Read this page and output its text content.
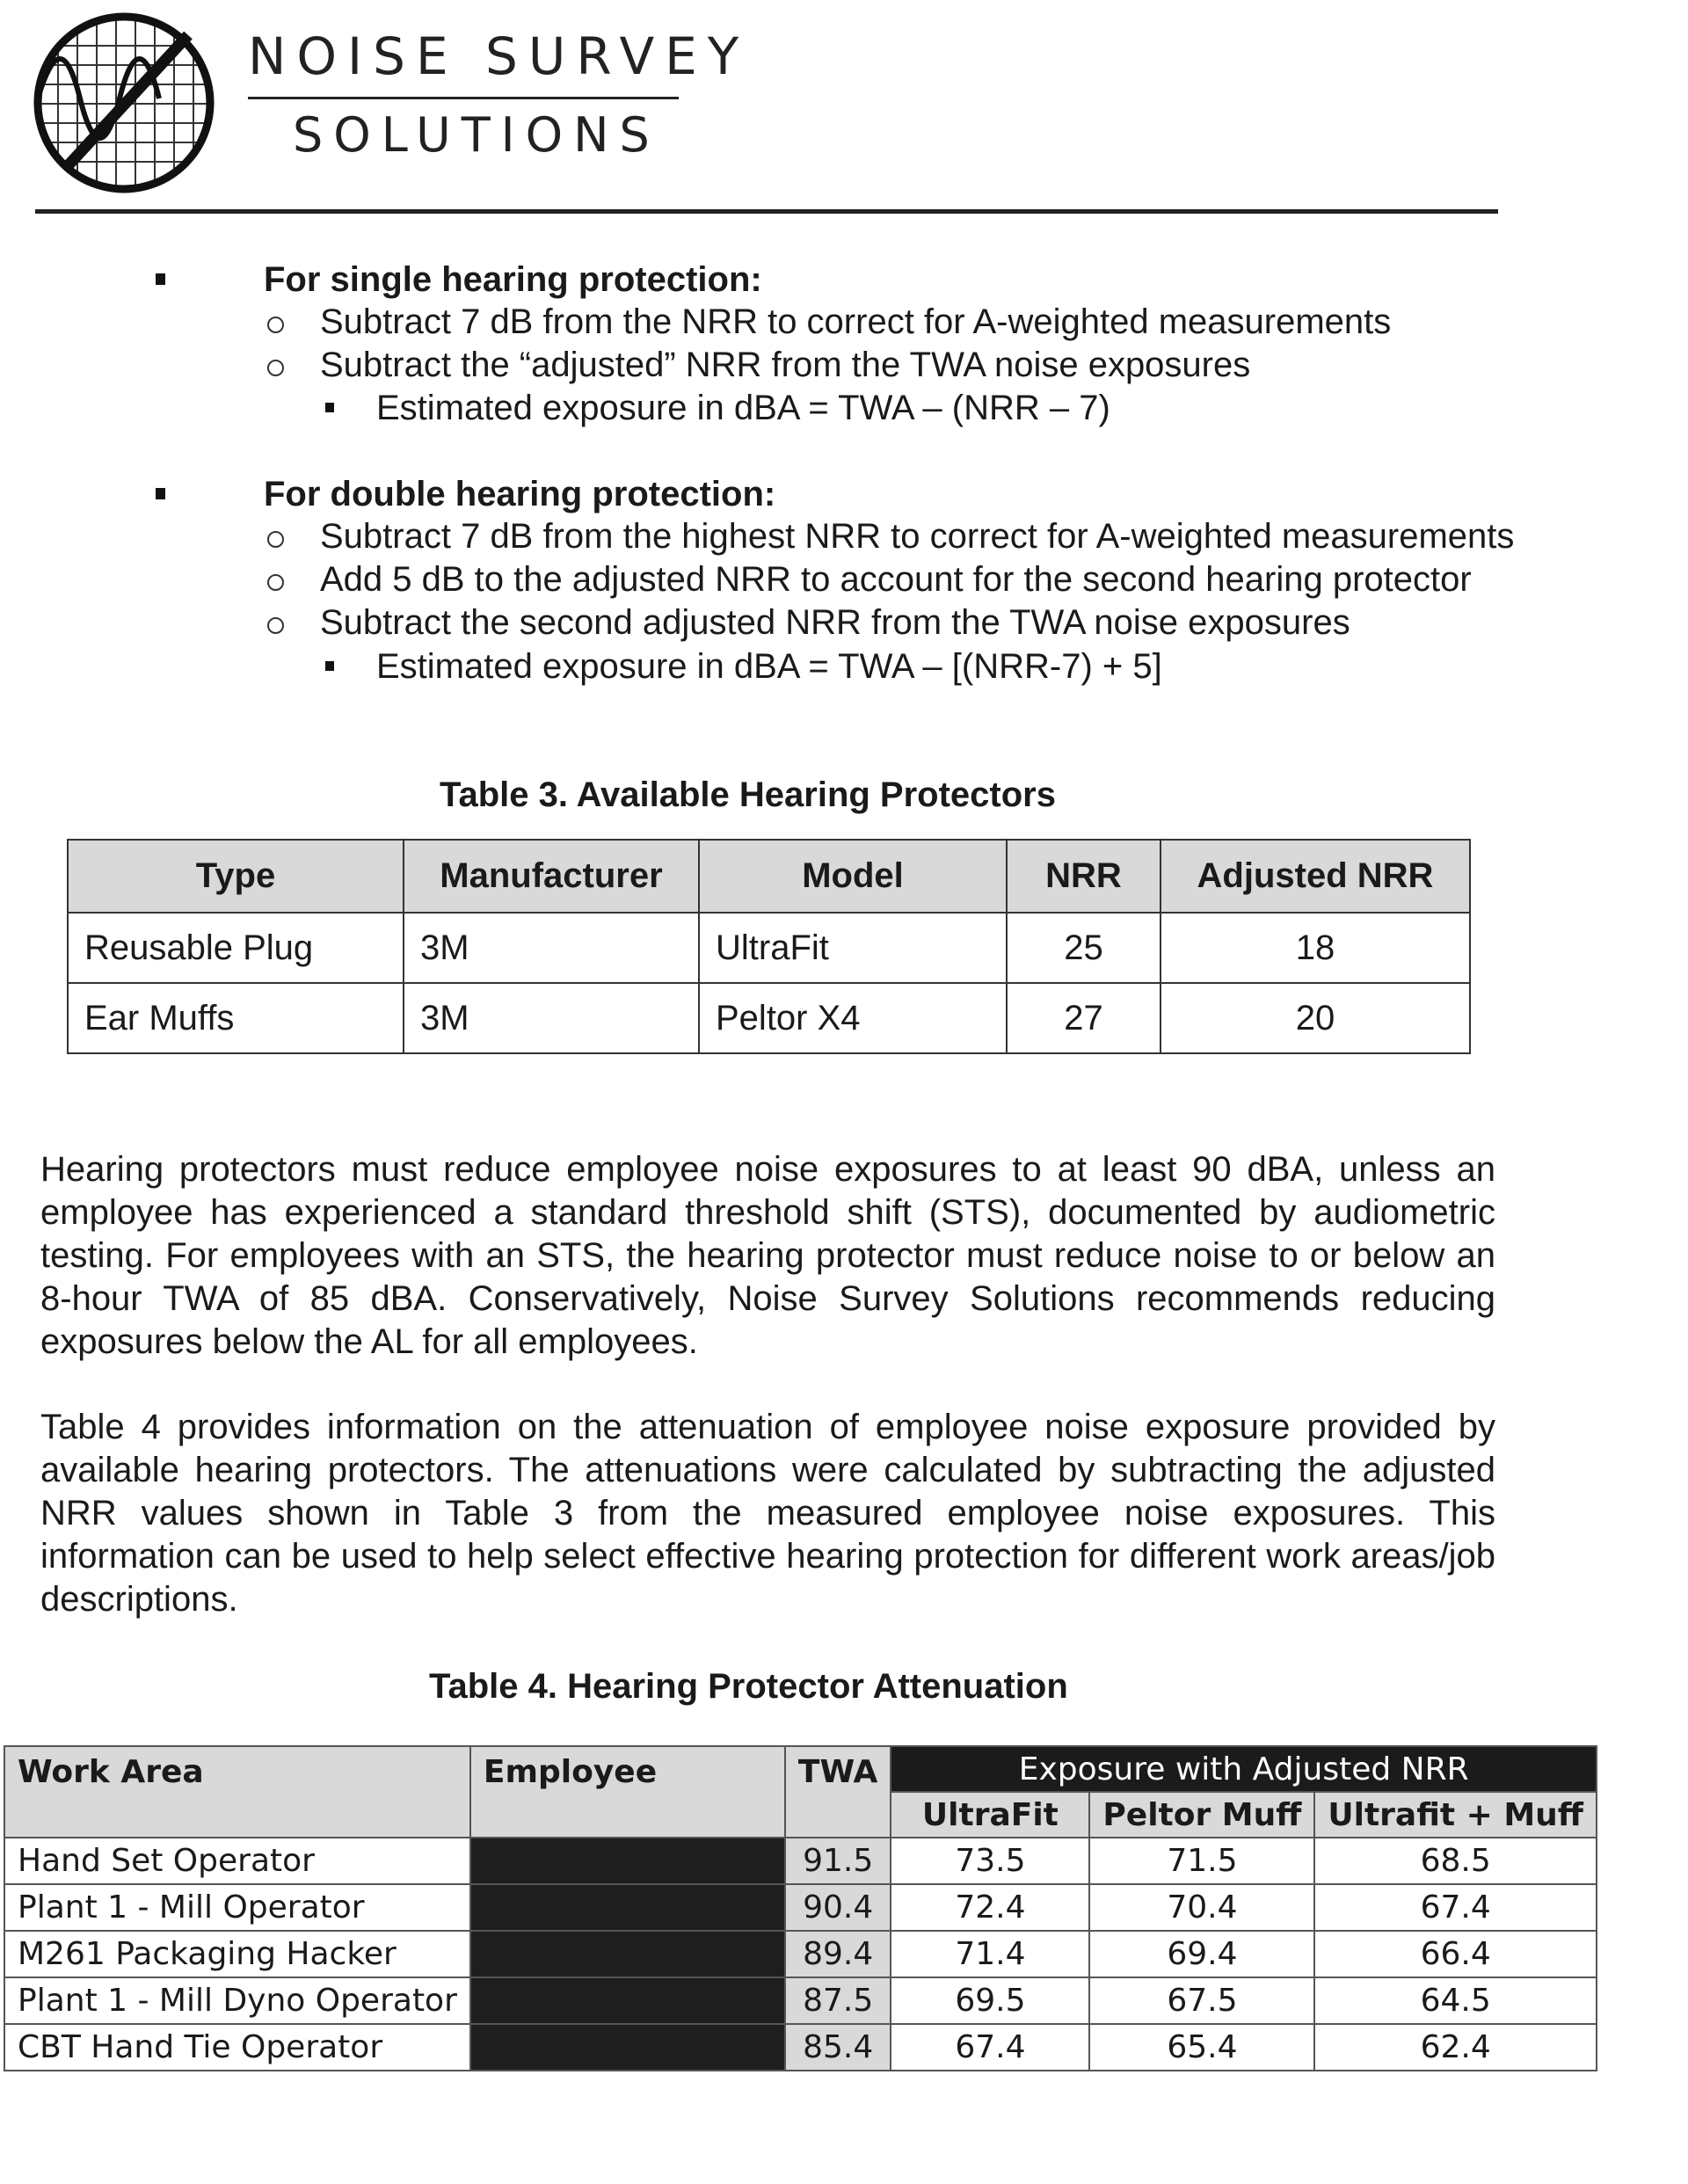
NOISE SURVEY
SOLUTIONS
For single hearing protection:
Subtract 7 dB from the NRR to correct for A-weighted measurements
Subtract the “adjusted” NRR from the TWA noise exposures
Estimated exposure in dBA = TWA – (NRR – 7)
For double hearing protection:
Subtract 7 dB from the highest NRR to correct for A-weighted measurements
Add 5 dB to the adjusted NRR to account for the second hearing protector
Subtract the second adjusted NRR from the TWA noise exposures
Estimated exposure in dBA = TWA – [(NRR-7) + 5]
Table 3. Available Hearing Protectors
Type	Manufacturer	Model	NRR	Adjusted NRR
Reusable Plug	3M	UltraFit	25	18
Ear Muffs	3M	Peltor X4	27	20
Hearing protectors must reduce employee noise exposures to at least 90 dBA, unless an employee has experienced a standard threshold shift (STS), documented by audiometric testing. For employees with an STS, the hearing protector must reduce noise to or below an 8-hour TWA of 85 dBA. Conservatively, Noise Survey Solutions recommends reducing exposures below the AL for all employees.
Table 4 provides information on the attenuation of employee noise exposure provided by available hearing protectors. The attenuations were calculated by subtracting the adjusted NRR values shown in Table 3 from the measured employee noise exposures. This information can be used to help select effective hearing protection for different work areas/job descriptions.
Table 4. Hearing Protector Attenuation
Work Area	Employee	TWA	Exposure with Adjusted NRR		
			UltraFit	Peltor Muff	Ultrafit + Muff
Hand Set Operator		91.5	73.5	71.5	68.5
Plant 1 - Mill Operator		90.4	72.4	70.4	67.4
M261 Packaging Hacker		89.4	71.4	69.4	66.4
Plant 1 - Mill Dyno Operator		87.5	69.5	67.5	64.5
CBT Hand Tie Operator		85.4	67.4	65.4	62.4
